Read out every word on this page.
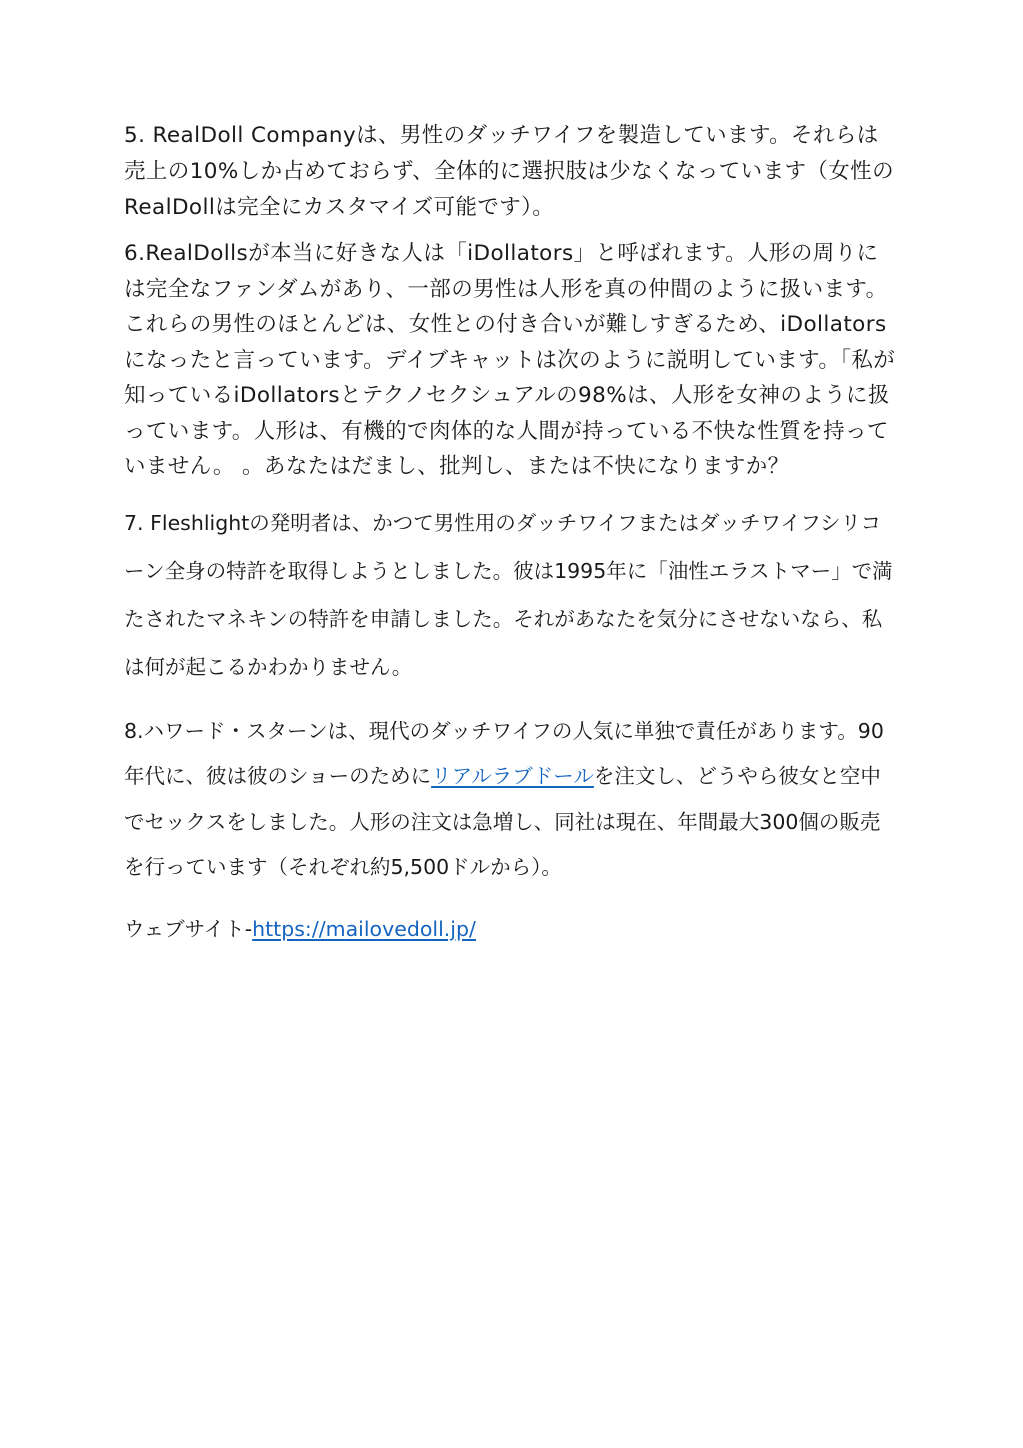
5. RealDoll Companyは、男性のダッチワイフを製造しています。それらは売上の10%しか占めておらず、全体的に選択肢は少なくなっています（女性のRealDollは完全にカスタマイズ可能です）。

6.RealDollsが本当に好きな人は「iDollators」と呼ばれます。人形の周りには完全なファンダムがあり、一部の男性は人形を真の仲間のように扱います。これらの男性のほとんどは、女性との付き合いが難しすぎるため、iDollatorsになったと言っています。デイブキャットは次のように説明しています。「私が知っているiDollatorsとテクノセクシュアルの98%は、人形を女神のように扱っています。人形は、有機的で肉体的な人間が持っている不快な性質を持っていません。 。あなたはだまし、批判し、または不快になりますか？

7. Fleshlightの発明者は、かつて男性用のダッチワイフまたはダッチワイフシリコーン全身の特許を取得しようとしました。彼は1995年に「油性エラストマー」で満たされたマネキンの特許を申請しました。それがあなたを気分にさせないなら、私は何が起こるかわかりません。

8.ハワード・スターンは、現代のダッチワイフの人気に単独で責任があります。90年代に、彼は彼のショーのためにリアルラブドールを注文し、どうやら彼女と空中でセックスをしました。人形の注文は急増し、同社は現在、年間最大300個の販売を行っています（それぞれ約5,500ドルから）。

ウェブサイト-https://mailovedoll.jp/
